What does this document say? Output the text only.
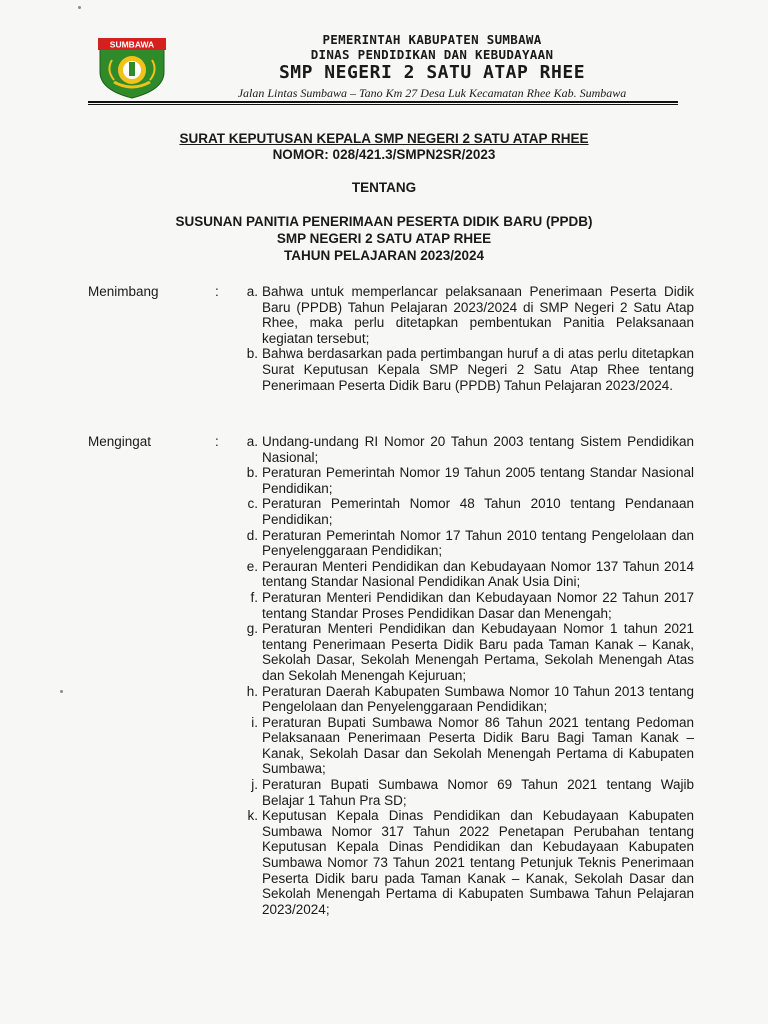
SUMBAWA	PEMERINTAH KABUPATEN SUMBAWA
DINAS PENDIDIKAN DAN KEBUDAYAAN
SMP NEGERI 2 SATU ATAP RHEE
Jalan Lintas Sumbawa – Tano Km 27 Desa Luk Kecamatan Rhee Kab. Sumbawa
SURAT KEPUTUSAN KEPALA SMP NEGERI 2 SATU ATAP RHEE
NOMOR: 028/421.3/SMPN2SR/2023
TENTANG
SUSUNAN PANITIA PENERIMAAN PESERTA DIDIK BARU (PPDB)
SMP NEGERI 2 SATU ATAP RHEE
TAHUN PELAJARAN 2023/2024
Menimbang	:	a. Bahwa untuk memperlancar pelaksanaan Penerimaan Peserta Didik Baru (PPDB) Tahun Pelajaran 2023/2024 di SMP Negeri 2 Satu Atap Rhee, maka perlu ditetapkan pembentukan Panitia Pelaksanaan kegiatan tersebut;
b. Bahwa berdasarkan pada pertimbangan huruf a di atas perlu ditetapkan Surat Keputusan Kepala SMP Negeri 2 Satu Atap Rhee tentang Penerimaan Peserta Didik Baru (PPDB) Tahun Pelajaran 2023/2024.
Mengingat	:	a. Undang-undang RI Nomor 20 Tahun 2003 tentang Sistem Pendidikan Nasional;
b. Peraturan Pemerintah Nomor 19 Tahun 2005 tentang Standar Nasional Pendidikan;
c. Peraturan Pemerintah Nomor 48 Tahun 2010 tentang Pendanaan Pendidikan;
d. Peraturan Pemerintah Nomor 17 Tahun 2010 tentang Pengelolaan dan Penyelenggaraan Pendidikan;
e. Perauran Menteri Pendidikan dan Kebudayaan Nomor 137 Tahun 2014 tentang Standar Nasional Pendidikan Anak Usia Dini;
f. Peraturan Menteri Pendidikan dan Kebudayaan Nomor 22 Tahun 2017 tentang Standar Proses Pendidikan Dasar dan Menengah;
g. Peraturan Menteri Pendidikan dan Kebudayaan Nomor 1 tahun 2021 tentang Penerimaan Peserta Didik Baru pada Taman Kanak – Kanak, Sekolah Dasar, Sekolah Menengah Pertama, Sekolah Menengah Atas dan Sekolah Menengah Kejuruan;
h. Peraturan Daerah Kabupaten Sumbawa Nomor 10 Tahun 2013 tentang Pengelolaan dan Penyelenggaraan Pendidikan;
i. Peraturan Bupati Sumbawa Nomor 86 Tahun 2021 tentang Pedoman Pelaksanaan Penerimaan Peserta Didik Baru Bagi Taman Kanak – Kanak, Sekolah Dasar dan Sekolah Menengah Pertama di Kabupaten Sumbawa;
j. Peraturan Bupati Sumbawa Nomor 69 Tahun 2021 tentang Wajib Belajar 1 Tahun Pra SD;
k. Keputusan Kepala Dinas Pendidikan dan Kebudayaan Kabupaten Sumbawa Nomor 317 Tahun 2022 Penetapan Perubahan tentang Keputusan Kepala Dinas Pendidikan dan Kebudayaan Kabupaten Sumbawa Nomor 73 Tahun 2021 tentang Petunjuk Teknis Penerimaan Peserta Didik baru pada Taman Kanak – Kanak, Sekolah Dasar dan Sekolah Menengah Pertama di Kabupaten Sumbawa Tahun Pelajaran 2023/2024;
